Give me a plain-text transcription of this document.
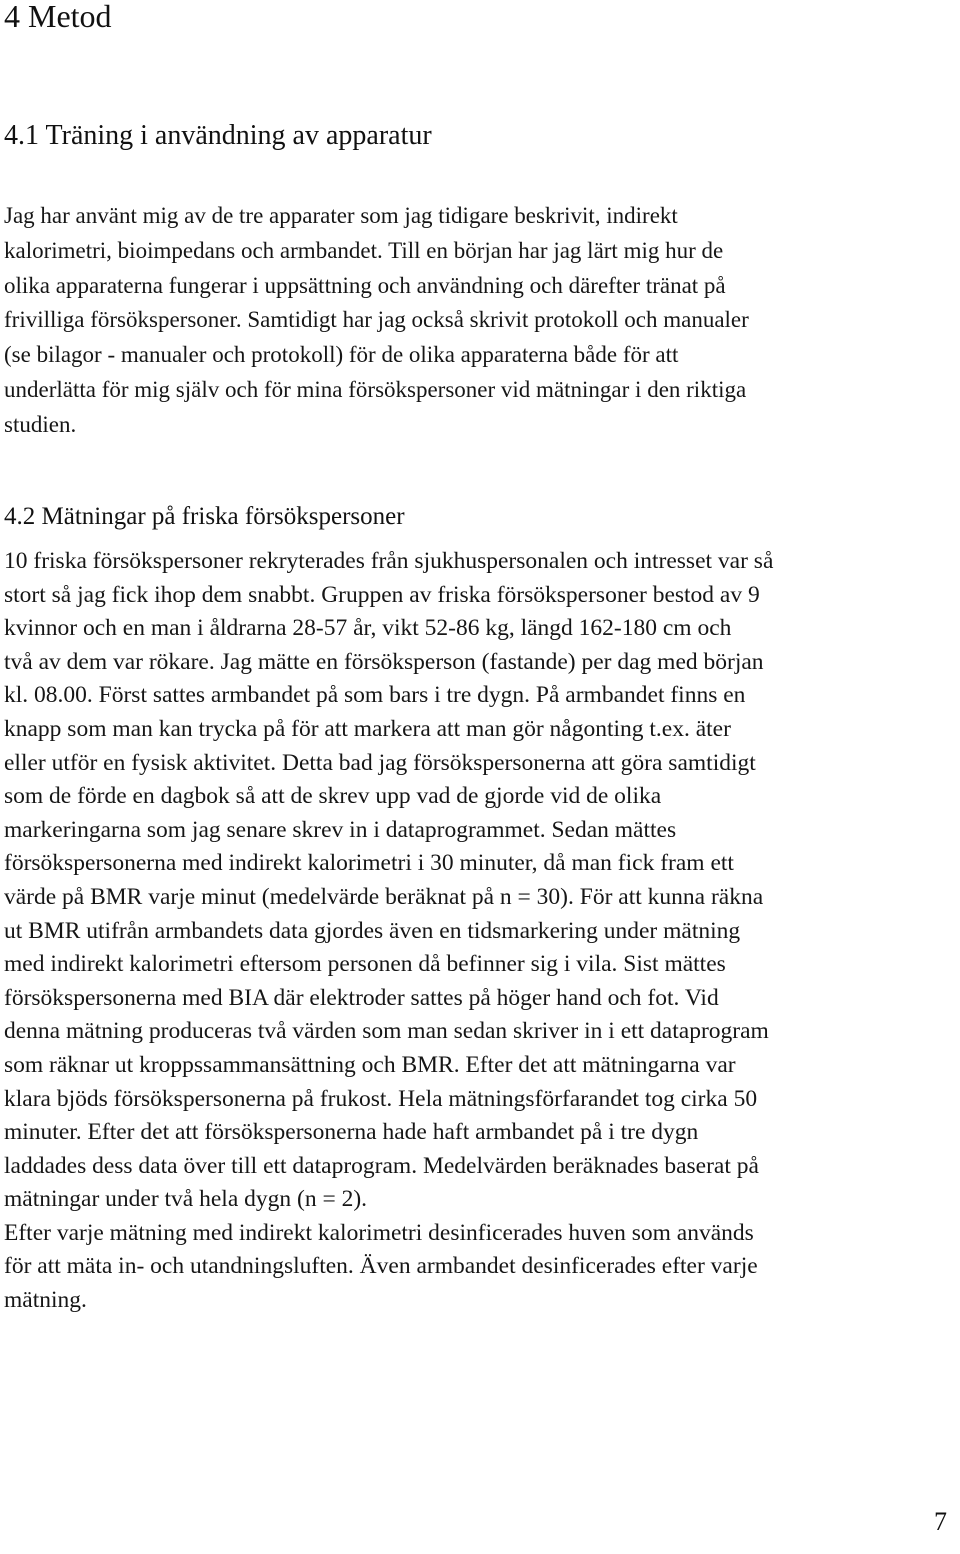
4 Metod
4.1 Träning i användning av apparatur

Jag har använt mig av de tre apparater som jag tidigare beskrivit, indirekt
kalorimetri, bioimpedans och armbandet. Till en början har jag lärt mig hur de
olika apparaterna fungerar i uppsättning och användning och därefter tränat på
frivilliga försökspersoner. Samtidigt har jag också skrivit protokoll och manualer
(se bilagor - manualer och protokoll) för de olika apparaterna både för att
underlätta för mig själv och för mina försökspersoner vid mätningar i den riktiga
studien.

4.2 Mätningar på friska försökspersoner

10 friska försökspersoner rekryterades från sjukhuspersonalen och intresset var så
stort så jag fick ihop dem snabbt. Gruppen av friska försökspersoner bestod av 9
kvinnor och en man i åldrarna 28-57 år, vikt 52-86 kg, längd 162-180 cm och
två av dem var rökare. Jag mätte en försöksperson (fastande) per dag med början
kl. 08.00. Först sattes armbandet på som bars i tre dygn. På armbandet finns en
knapp som man kan trycka på för att markera att man gör någonting t.ex. äter
eller utför en fysisk aktivitet. Detta bad jag försökspersonerna att göra samtidigt
som de förde en dagbok så att de skrev upp vad de gjorde vid de olika
markeringarna som jag senare skrev in i dataprogrammet. Sedan mättes
försökspersonerna med indirekt kalorimetri i 30 minuter, då man fick fram ett
värde på BMR varje minut (medelvärde beräknat på n = 30). För att kunna räkna
ut BMR utifrån armbandets data gjordes även en tidsmarkering under mätning
med indirekt kalorimetri eftersom personen då befinner sig i vila. Sist mättes
försökspersonerna med BIA där elektroder sattes på höger hand och fot. Vid
denna mätning produceras två värden som man sedan skriver in i ett dataprogram
som räknar ut kroppssammansättning och BMR. Efter det att mätningarna var
klara bjöds försökspersonerna på frukost. Hela mätningsförfarandet tog cirka 50
minuter. Efter det att försökspersonerna hade haft armbandet på i tre dygn
laddades dess data över till ett dataprogram. Medelvärden beräknades baserat på
mätningar under två hela dygn (n = 2).
Efter varje mätning med indirekt kalorimetri desinficerades huven som används
för att mäta in- och utandningsluften. Även armbandet desinficerades efter varje
mätning.

7
